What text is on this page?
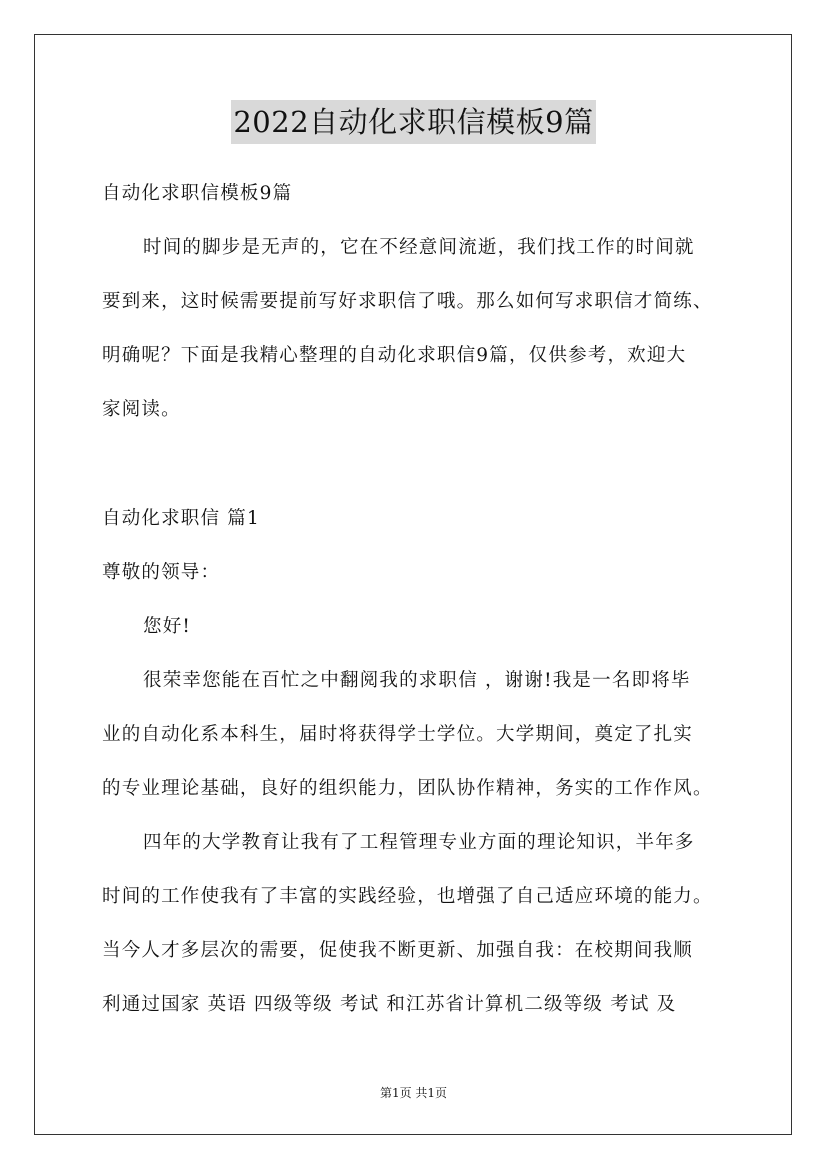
2022自动化求职信模板9篇
自动化求职信模板9篇
时间的脚步是无声的，它在不经意间流逝，我们找工作的时间就
要到来，这时候需要提前写好求职信了哦。那么如何写求职信才简练、
明确呢？下面是我精心整理的自动化求职信9篇，仅供参考，欢迎大
家阅读。
自动化求职信 篇1
尊敬的领导：
您好!
很荣幸您能在百忙之中翻阅我的求职信 ，谢谢!我是一名即将毕
业的自动化系本科生，届时将获得学士学位。大学期间，奠定了扎实
的专业理论基础，良好的组织能力，团队协作精神，务实的工作作风。
四年的大学教育让我有了工程管理专业方面的理论知识，半年多
时间的工作使我有了丰富的实践经验，也增强了自己适应环境的能力。
当今人才多层次的需要，促使我不断更新、加强自我：在校期间我顺
利通过国家 英语 四级等级 考试 和江苏省计算机二级等级 考试 及
第1页 共1页
